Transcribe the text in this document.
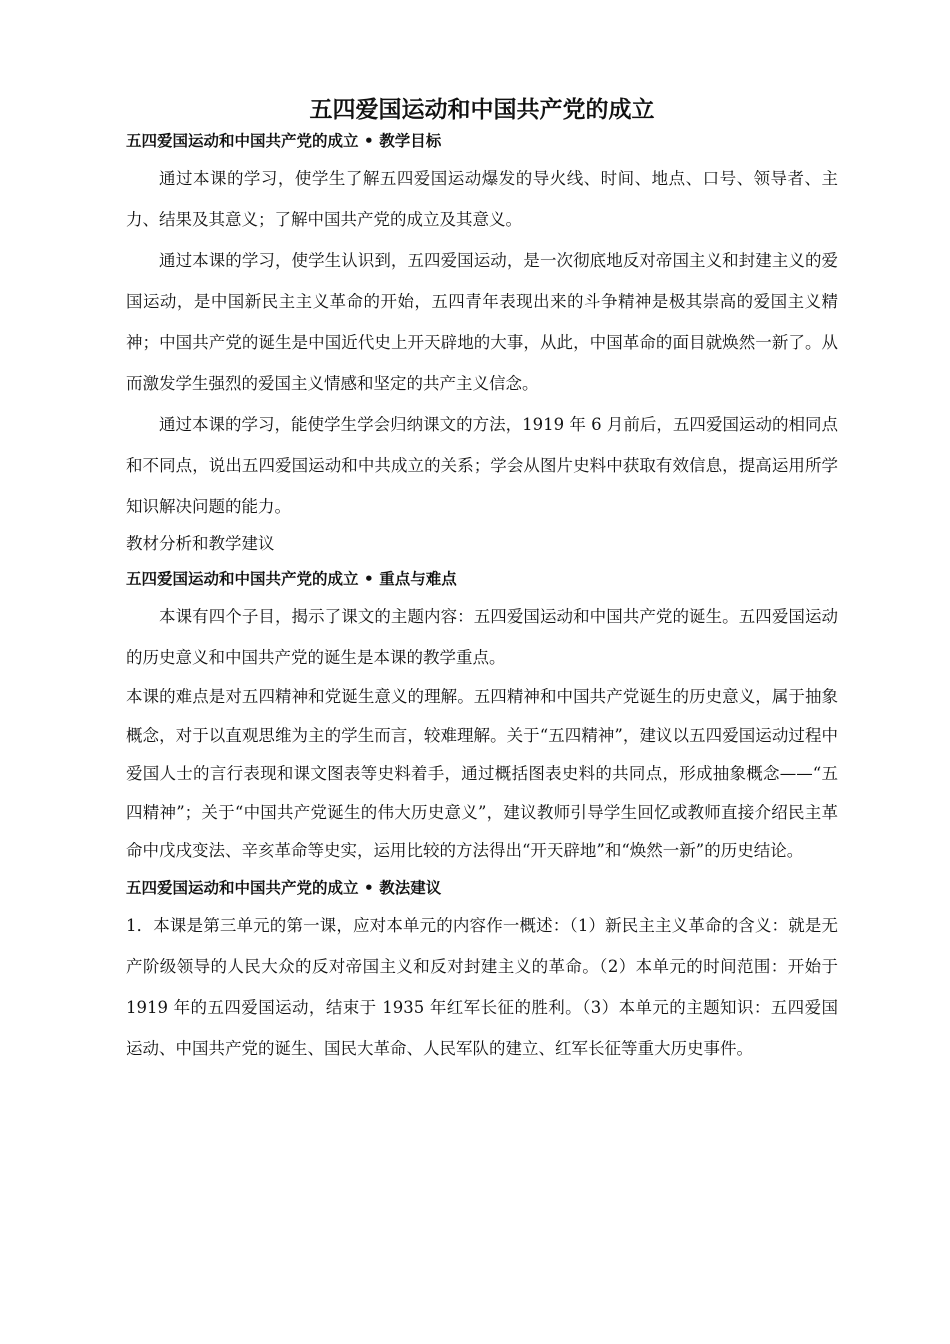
五四爱国运动和中国共产党的成立
五四爱国运动和中国共产党的成立 • 教学目标

通过本课的学习，使学生了解五四爱国运动爆发的导火线、时间、地点、口号、领导者、主力、结果及其意义；了解中国共产党的成立及其意义。

通过本课的学习，使学生认识到，五四爱国运动，是一次彻底地反对帝国主义和封建主义的爱国运动，是中国新民主主义革命的开始，五四青年表现出来的斗争精神是极其崇高的爱国主义精神；中国共产党的诞生是中国近代史上开天辟地的大事，从此，中国革命的面目就焕然一新了。从而激发学生强烈的爱国主义情感和坚定的共产主义信念。

通过本课的学习，能使学生学会归纳课文的方法，1919 年 6 月前后，五四爱国运动的相同点和不同点，说出五四爱国运动和中共成立的关系；学会从图片史料中获取有效信息，提高运用所学知识解决问题的能力。

教材分析和教学建议

五四爱国运动和中国共产党的成立 • 重点与难点

本课有四个子目，揭示了课文的主题内容：五四爱国运动和中国共产党的诞生。五四爱国运动的历史意义和中国共产党的诞生是本课的教学重点。

本课的难点是对五四精神和党诞生意义的理解。五四精神和中国共产党诞生的历史意义，属于抽象概念，对于以直观思维为主的学生而言，较难理解。关于“五四精神”，建议以五四爱国运动过程中爱国人士的言行表现和课文图表等史料着手，通过概括图表史料的共同点，形成抽象概念——“五四精神”；关于“中国共产党诞生的伟大历史意义”，建议教师引导学生回忆或教师直接介绍民主革命中戊戌变法、辛亥革命等史实，运用比较的方法得出“开天辟地”和“焕然一新”的历史结论。

五四爱国运动和中国共产党的成立 • 教法建议

1．本课是第三单元的第一课，应对本单元的内容作一概述：（1）新民主主义革命的含义：就是无产阶级领导的人民大众的反对帝国主义和反对封建主义的革命。（2）本单元的时间范围：开始于 1919 年的五四爱国运动，结束于 1935 年红军长征的胜利。（3）本单元的主题知识：五四爱国运动、中国共产党的诞生、国民大革命、人民军队的建立、红军长征等重大历史事件。
